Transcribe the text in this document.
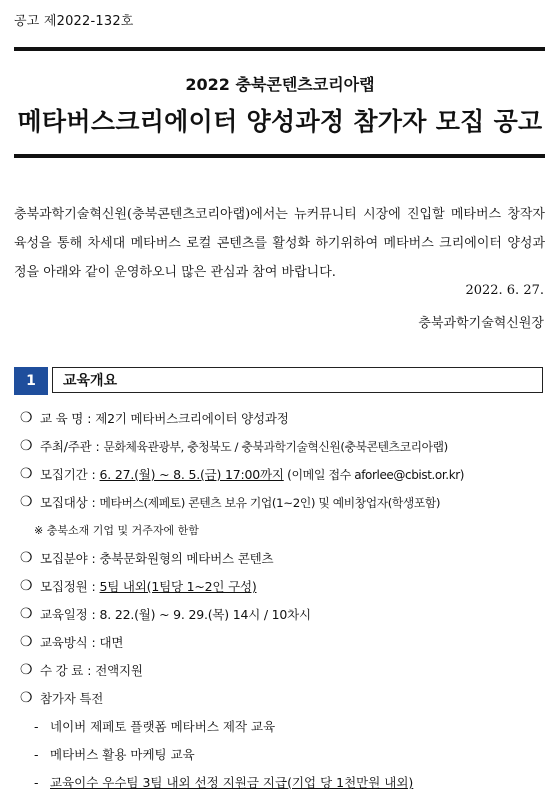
공고 제2022-132호
2022 충북콘텐츠코리아랩
메타버스크리에이터 양성과정 참가자 모집 공고
충북과학기술혁신원(충북콘텐츠코리아랩)에서는 뉴커뮤니티 시장에 진입할 메타버스 창작자 육성을 통해 차세대 메타버스 로컬 콘텐츠를 활성화 하기위하여 메타버스 크리에이터 양성과정을 아래와 같이 운영하오니 많은 관심과 참여 바랍니다.
2022. 6. 27.
충북과학기술혁신원장
1	교육개요
❍ 교 육 명 : 제2기 메타버스크리에이터 양성과정
❍ 주최/주관 : 문화체육관광부, 충청북도 / 충북과학기술혁신원(충북콘텐츠코리아랩)
❍ 모집기간 : 6. 27.(월) ~ 8. 5.(금) 17:00까지 (이메일 접수 aforlee@cbist.or.kr)
❍ 모집대상 : 메타버스(제페토) 콘텐츠 보유 기업(1~2인) 및 예비창업자(학생포함)
※ 충북소재 기업 및 거주자에 한함
❍ 모집분야 : 충북문화원형의 메타버스 콘텐츠
❍ 모집정원 : 5팀 내외(1팀당 1~2인 구성)
❍ 교육일정 : 8. 22.(월) ~ 9. 29.(목) 14시 / 10차시
❍ 교육방식 : 대면
❍ 수 강 료 : 전액지원
❍ 참가자 특전
- 네이버 제페토 플랫폼 메타버스 제작 교육
- 메타버스 활용 마케팅 교육
- 교육이수 우수팀 3팀 내외 선정 지원금 지급(기업 당 1천만원 내외)
